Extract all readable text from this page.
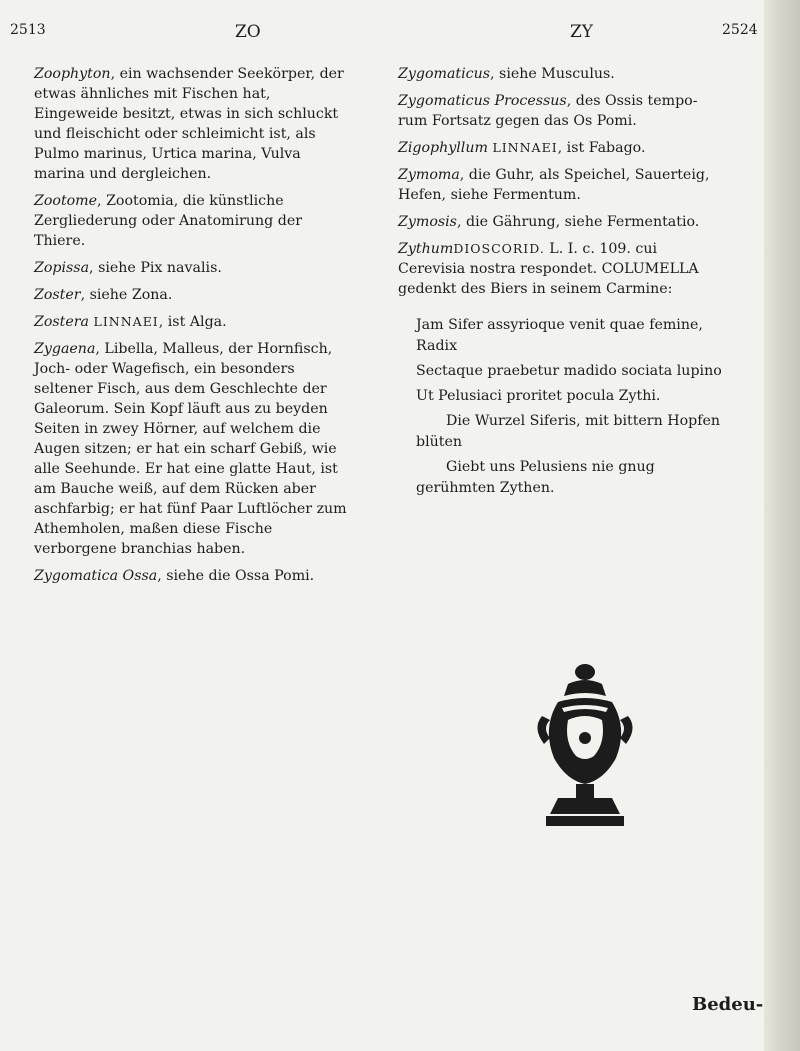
2513	ZO	ZY	2524

Zoophyton, ein wachsender Seekörper, der etwas ähnliches mit Fischen hat, Eingeweide besitzt, etwas in sich schluckt und fleischicht oder schleimicht ist, als Pulmo marinus, Urtica marina, Vulva marina und dergleichen.

Zootome, Zootomia, die künstliche Zergliederung oder Anatomirung der Thiere.

Zopissa, siehe Pix navalis.

Zoster, siehe Zona.

Zostera LINNAEI, ist Alga.

Zygaena, Libella, Malleus, der Hornfisch, Joch- oder Wagefisch, ein besonders seltener Fisch, aus dem Geschlechte der Galeorum. Sein Kopf läuft aus zu beyden Seiten in zwey Hörner, auf welchem die Augen sitzen; er hat ein scharf Gebiß, wie alle Seehunde. Er hat eine glatte Haut, ist am Bauche weiß, auf dem Rücken aber aschfarbig; er hat fünf Paar Luftlöcher zum Athemholen, maßen diese Fische verborgene branchias haben.

Zygomatica Ossa, siehe die Ossa Pomi.

Zygomaticus, siehe Musculus.

Zygomaticus Processus, des Ossis tempo- rum Fortsatz gegen das Os Pomi.

Zigophyllum LINNAEI, ist Fabago.

Zymoma, die Guhr, als Speichel, Sauerteig, Hefen, siehe Fermentum.

Zymosis, die Gährung, siehe Fermentatio.

ZythumDIOSCORID. L. I. c. 109. cui Cerevisia nostra respondet. COLUMELLA gedenkt des Biers in seinem Carmine:

Jam Sifer assyrioque venit quae femine, Radix

Sectaque praebetur madido sociata lupino

Ut Pelusiaci proritet pocula Zythi.

Die Wurzel Siferis, mit bittern Hopfen blüten

Giebt uns Pelusiens nie gnug gerühmten Zythen.

Bedeu-
